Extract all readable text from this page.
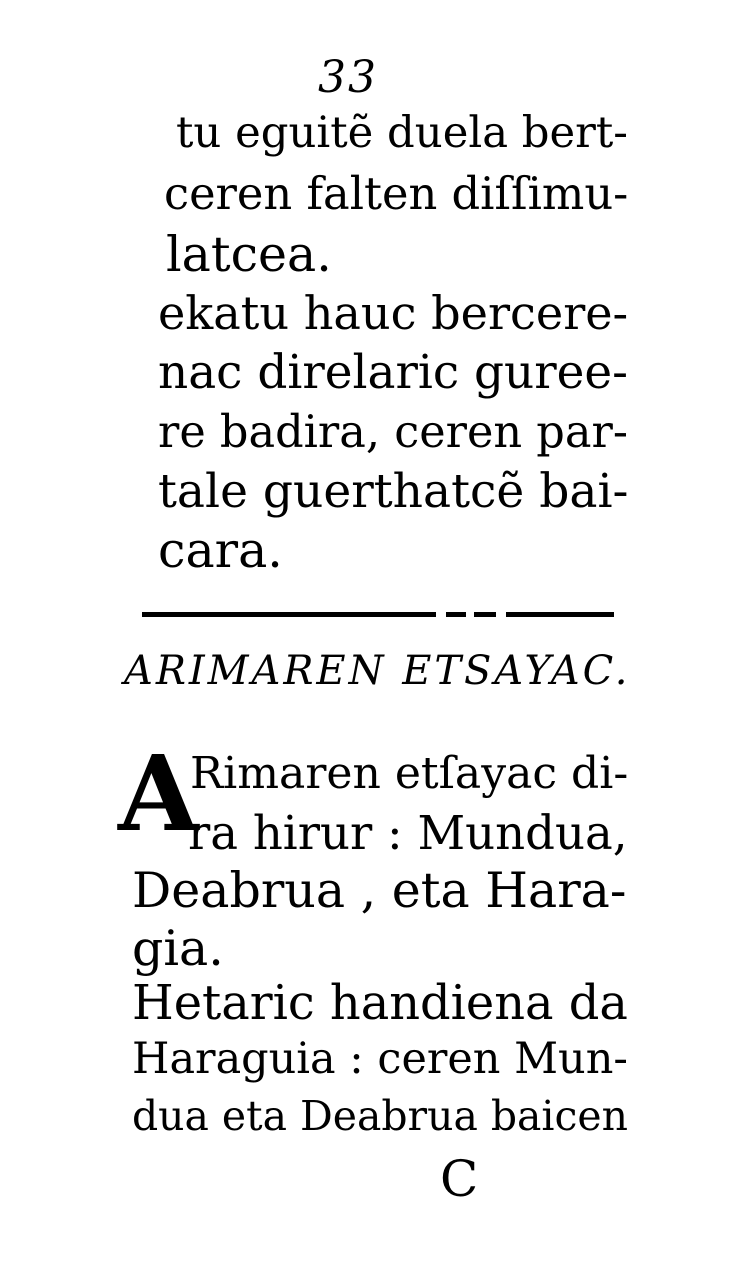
33
tu eguitẽ duela bert-
ceren falten diſſimu-
latcea.
ekatu hauc bercere-
nac direlaric guree-
re badira, ceren par-
tale guerthatcẽ bai-
cara.
ARIMAREN ETSAYAC.
A
Rimaren etſayac di-
ra hirur : Mundua,
Deabrua , eta Hara-
gia.
Hetaric handiena da
Haraguia : ceren Mun-
dua eta Deabrua baicen
C
